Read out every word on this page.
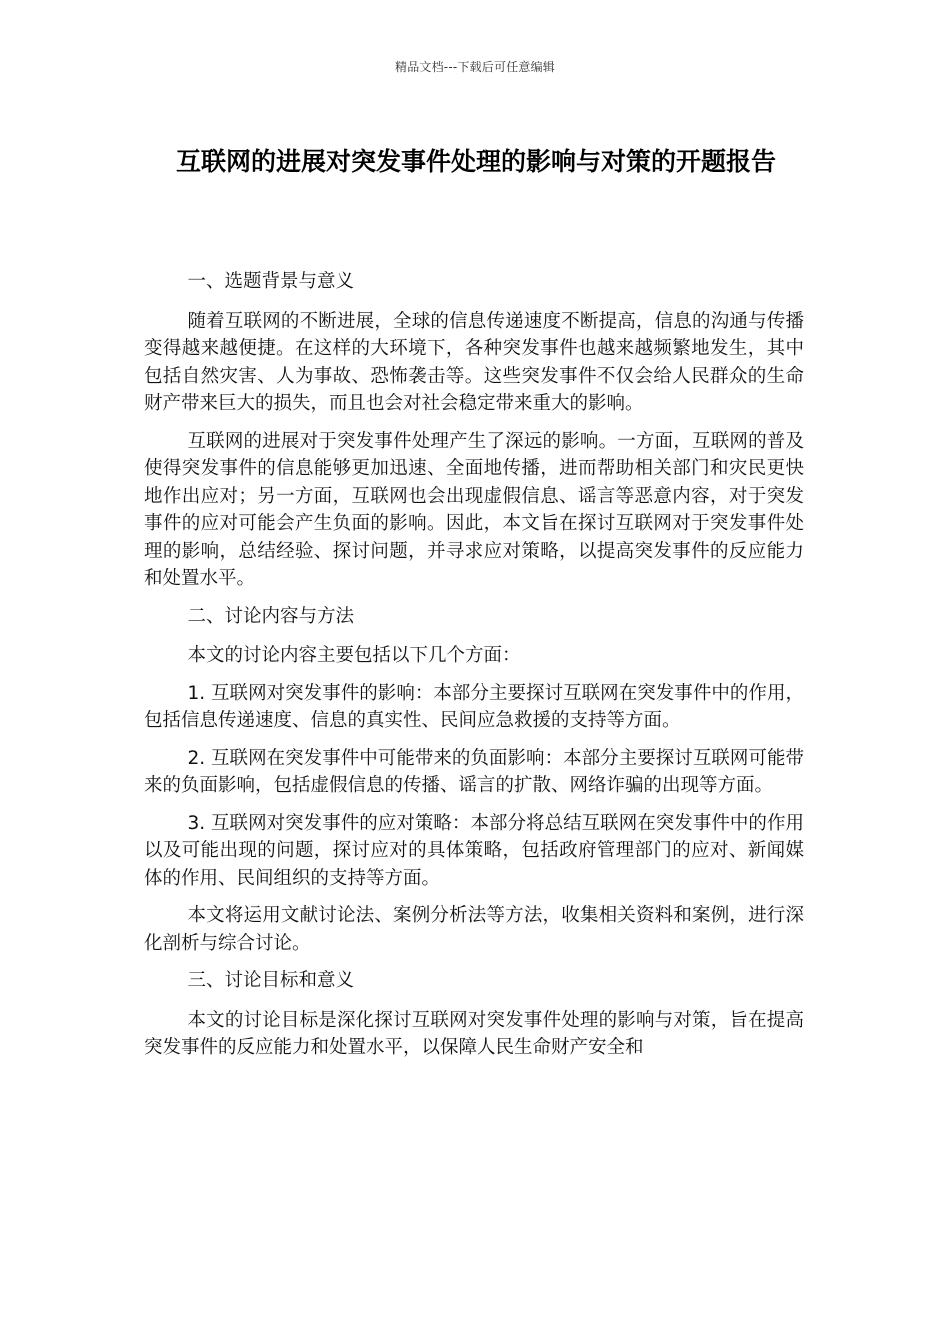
精品文档---下载后可任意编辑
互联网的进展对突发事件处理的影响与对策的开题报告

一、选题背景与意义

随着互联网的不断进展，全球的信息传递速度不断提高，信息的沟通与传播变得越来越便捷。在这样的大环境下，各种突发事件也越来越频繁地发生，其中包括自然灾害、人为事故、恐怖袭击等。这些突发事件不仅会给人民群众的生命财产带来巨大的损失，而且也会对社会稳定带来重大的影响。

互联网的进展对于突发事件处理产生了深远的影响。一方面，互联网的普及使得突发事件的信息能够更加迅速、全面地传播，进而帮助相关部门和灾民更快地作出应对；另一方面，互联网也会出现虚假信息、谣言等恶意内容，对于突发事件的应对可能会产生负面的影响。因此，本文旨在探讨互联网对于突发事件处理的影响，总结经验、探讨问题，并寻求应对策略，以提高突发事件的反应能力和处置水平。

二、讨论内容与方法

本文的讨论内容主要包括以下几个方面：

1. 互联网对突发事件的影响：本部分主要探讨互联网在突发事件中的作用，包括信息传递速度、信息的真实性、民间应急救援的支持等方面。

2. 互联网在突发事件中可能带来的负面影响：本部分主要探讨互联网可能带来的负面影响，包括虚假信息的传播、谣言的扩散、网络诈骗的出现等方面。

3. 互联网对突发事件的应对策略：本部分将总结互联网在突发事件中的作用以及可能出现的问题，探讨应对的具体策略，包括政府管理部门的应对、新闻媒体的作用、民间组织的支持等方面。

本文将运用文献讨论法、案例分析法等方法，收集相关资料和案例，进行深化剖析与综合讨论。

三、讨论目标和意义

本文的讨论目标是深化探讨互联网对突发事件处理的影响与对策，旨在提高突发事件的反应能力和处置水平，以保障人民生命财产安全和
